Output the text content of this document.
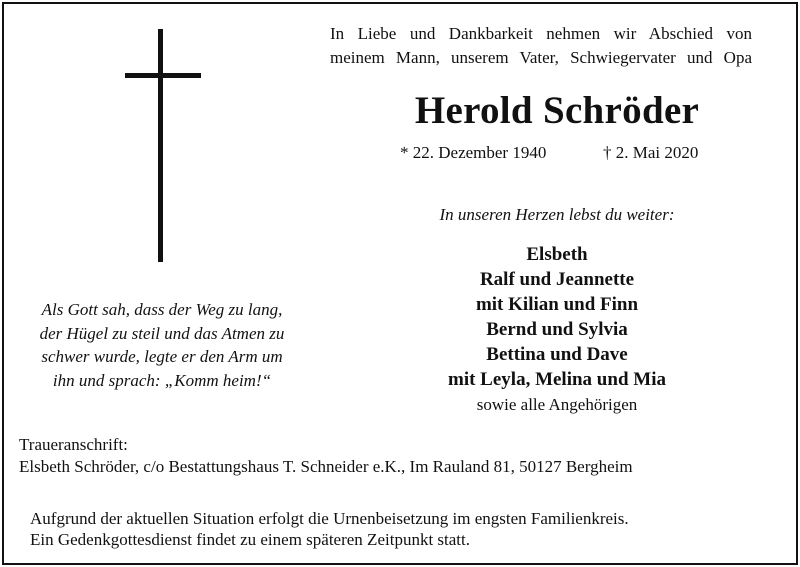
In Liebe und Dankbarkeit nehmen wir Abschied von
meinem Mann, unserem Vater, Schwiegervater und Opa
Herold Schröder
* 22. Dezember 1940	† 2. Mai 2020
In unseren Herzen lebst du weiter:
Elsbeth
Ralf und Jeannette
mit Kilian und Finn
Bernd und Sylvia
Bettina und Dave
mit Leyla, Melina und Mia
sowie alle Angehörigen
Als Gott sah, dass der Weg zu lang,
der Hügel zu steil und das Atmen zu
schwer wurde, legte er den Arm um
ihn und sprach: „Komm heim!“
Traueranschrift:
Elsbeth Schröder, c/o Bestattungshaus T. Schneider e.K., Im Rauland 81, 50127 Bergheim
Aufgrund der aktuellen Situation erfolgt die Urnenbeisetzung im engsten Familienkreis.
Ein Gedenkgottesdienst findet zu einem späteren Zeitpunkt statt.
